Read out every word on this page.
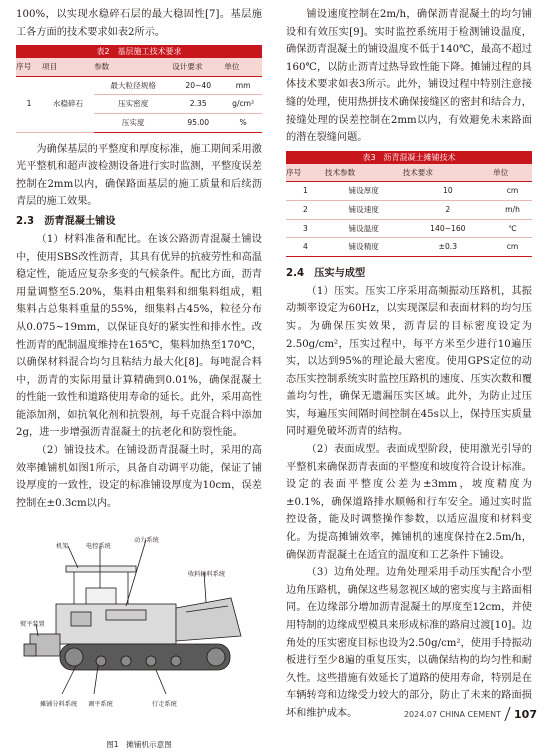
100%，以实现水稳碎石层的最大稳固性[7]。基层施工各方面的技术要求如表2所示。
表2　基层施工技术要求
序号	项目	参数	设计要求	单位
1	水稳碎石	最大粒径规格	20~40	mm
		压实密度	2.35	g/cm²
		压实度	95.00	%
为确保基层的平整度和厚度标准，施工期间采用激光平整机和超声波检测设备进行实时监测，平整度误差控制在2mm以内，确保路面基层的施工质量和后续沥青层的施工效果。
2.3　沥青混凝土铺设
（1）材料准备和配比。在该公路沥青混凝土铺设中，使用SBS改性沥青，其具有优异的抗疲劳性和高温稳定性，能适应复杂多变的气候条件。配比方面，沥青用量调整至5.20%，集料由粗集料和细集料组成，粗集料占总集料重量的55%，细集料占45%，粒径分布从0.075~19mm，以保证良好的紧实性和排水性。改性沥青的配制温度维持在165℃，集料加热至170℃，以确保材料混合均匀且粘结力最大化[8]。每吨混合料中，沥青的实际用量计算精确到0.01%，确保混凝土的性能一致性和道路使用寿命的延长。此外，采用高性能添加剂，如抗氧化剂和抗裂剂，每千克混合料中添加2g，进一步增强沥青混凝土的抗老化和防裂性能。
（2）铺设技术。在铺设沥青混凝土时，采用的高效率摊铺机如图1所示，具备自动调平功能，保证了铺设厚度的一致性，设定的标准铺设厚度为10cm，误差控制在±0.3cm以内。
机架	电控系统
动力系统
收料输料系统
熨平装置
摊铺分料系统 调平系统	行走系统
图1　摊铺机示意图
铺设速度控制在2m/h，确保沥青混凝土的均匀铺设和有效压实[9]。实时监控系统用于检测铺设温度，确保沥青混凝土的铺设温度不低于140℃，最高不超过160℃，以防止沥青过热导致性能下降。摊铺过程的具体技术要求如表3所示。此外，铺设过程中特别注意接缝的处理，使用热拼技术确保接缝区的密封和结合力，接缝处理的误差控制在2mm以内，有效避免未来路面的潜在裂缝问题。
表3　沥青混凝土摊铺技术
序号	技术参数	技术要求	单位
1	铺设厚度	10	cm
2	铺设速度	2	m/h
3	铺设温度	140~160	℃
4	铺设精度	±0.3	cm
2.4　压实与成型
（1）压实。压实工序采用高频振动压路机，其振动频率设定为60Hz，以实现深层和表面材料的均匀压实。为确保压实效果，沥青层的目标密度设定为2.50g/cm²，压实过程中，每平方米至少进行10遍压实，以达到95%的理论最大密度。使用GPS定位的动态压实控制系统实时监控压路机的速度、压实次数和覆盖均匀性，确保无遗漏压实区域。此外，为防止过压实，每遍压实间隔时间控制在45s以上，保持压实质量同时避免破坏沥青的结构。
（2）表面成型。表面成型阶段，使用激光引导的平整机来确保沥青表面的平整度和坡度符合设计标准。设定的表面平整度公差为±3mm，坡度精度为±0.1%，确保道路排水顺畅和行车安全。通过实时监控设备，能及时调整操作参数，以适应温度和材料变化。为提高摊铺效率，摊铺机的速度保持在2.5m/h，确保沥青混凝土在适宜的温度和工艺条件下铺设。
（3）边角处理。边角处理采用手动压实配合小型边角压路机，确保这些易忽视区域的密实度与主路面相同。在边缘部分增加沥青混凝土的厚度至12cm，并使用特制的边缘成型模具来形成标准的路肩过渡[10]。边角处的压实密度目标也设为2.50g/cm²，使用手持振动板进行至少8遍的重复压实，以确保结构的均匀性和耐久性。这些措施有效延长了道路的使用寿命，特别是在车辆转弯和边缘受力较大的部分，防止了未来的路面损坏和维护成本。	2024.07 CHINA CEMENT 107
